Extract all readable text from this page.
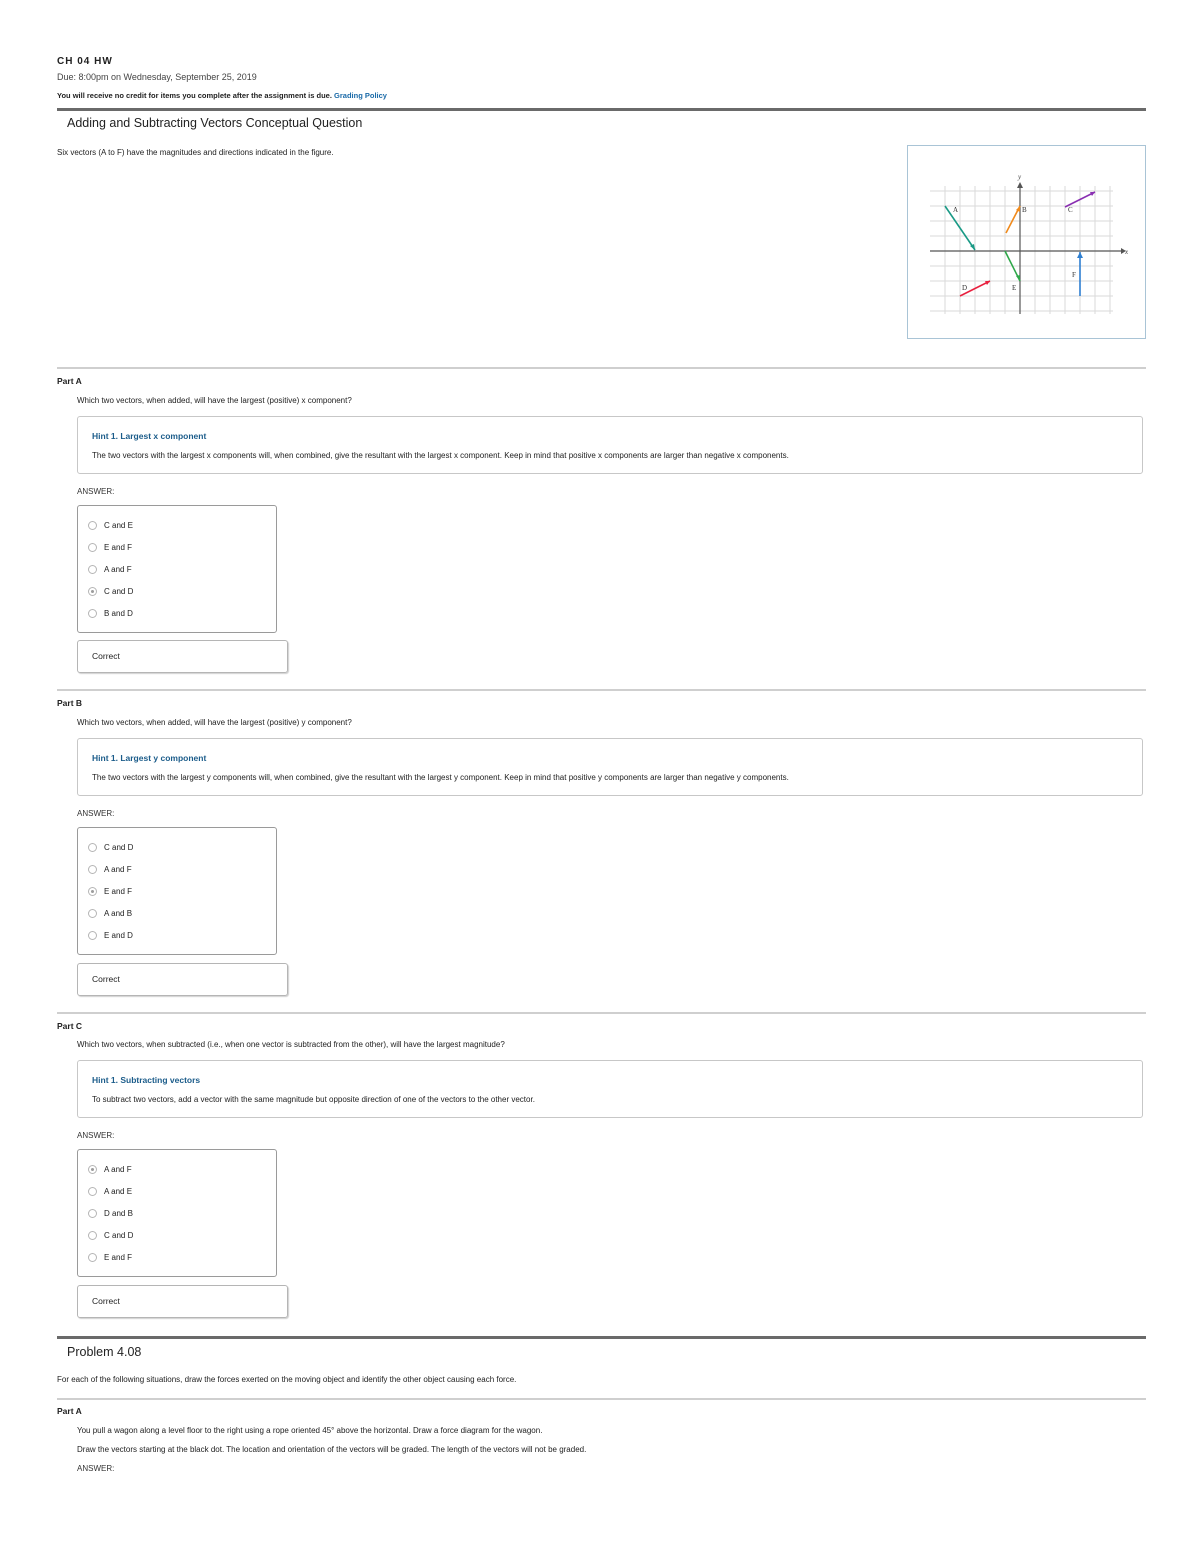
CH 04 HW
Due: 8:00pm on Wednesday, September 25, 2019
You will receive no credit for items you complete after the assignment is due. Grading Policy
Adding and Subtracting Vectors Conceptual Question
Six vectors (A to F) have the magnitudes and directions indicated in the figure.
x
y
A	B	C
D	E
F
Part A
Which two vectors, when added, will have the largest (positive) x component?
Hint 1. Largest x component
The two vectors with the largest x components will, when combined, give the resultant with the largest x component. Keep in mind that positive x components are larger than negative x components.
ANSWER:
C and E
E and F
A and F
C and D
B and D
Correct
Part B
Which two vectors, when added, will have the largest (positive) y component?
Hint 1. Largest y component
The two vectors with the largest y components will, when combined, give the resultant with the largest y component. Keep in mind that positive y components are larger than negative y components.
ANSWER:
C and D
A and F
E and F
A and B
E and D
Correct
Part C
Which two vectors, when subtracted (i.e., when one vector is subtracted from the other), will have the largest magnitude?
Hint 1. Subtracting vectors
To subtract two vectors, add a vector with the same magnitude but opposite direction of one of the vectors to the other vector.
ANSWER:
A and F
A and E
D and B
C and D
E and F
Correct
Problem 4.08
For each of the following situations, draw the forces exerted on the moving object and identify the other object causing each force.
Part A
You pull a wagon along a level floor to the right using a rope oriented 45° above the horizontal. Draw a force diagram for the wagon.
Draw the vectors starting at the black dot. The location and orientation of the vectors will be graded. The length of the vectors will not be graded.
ANSWER:
